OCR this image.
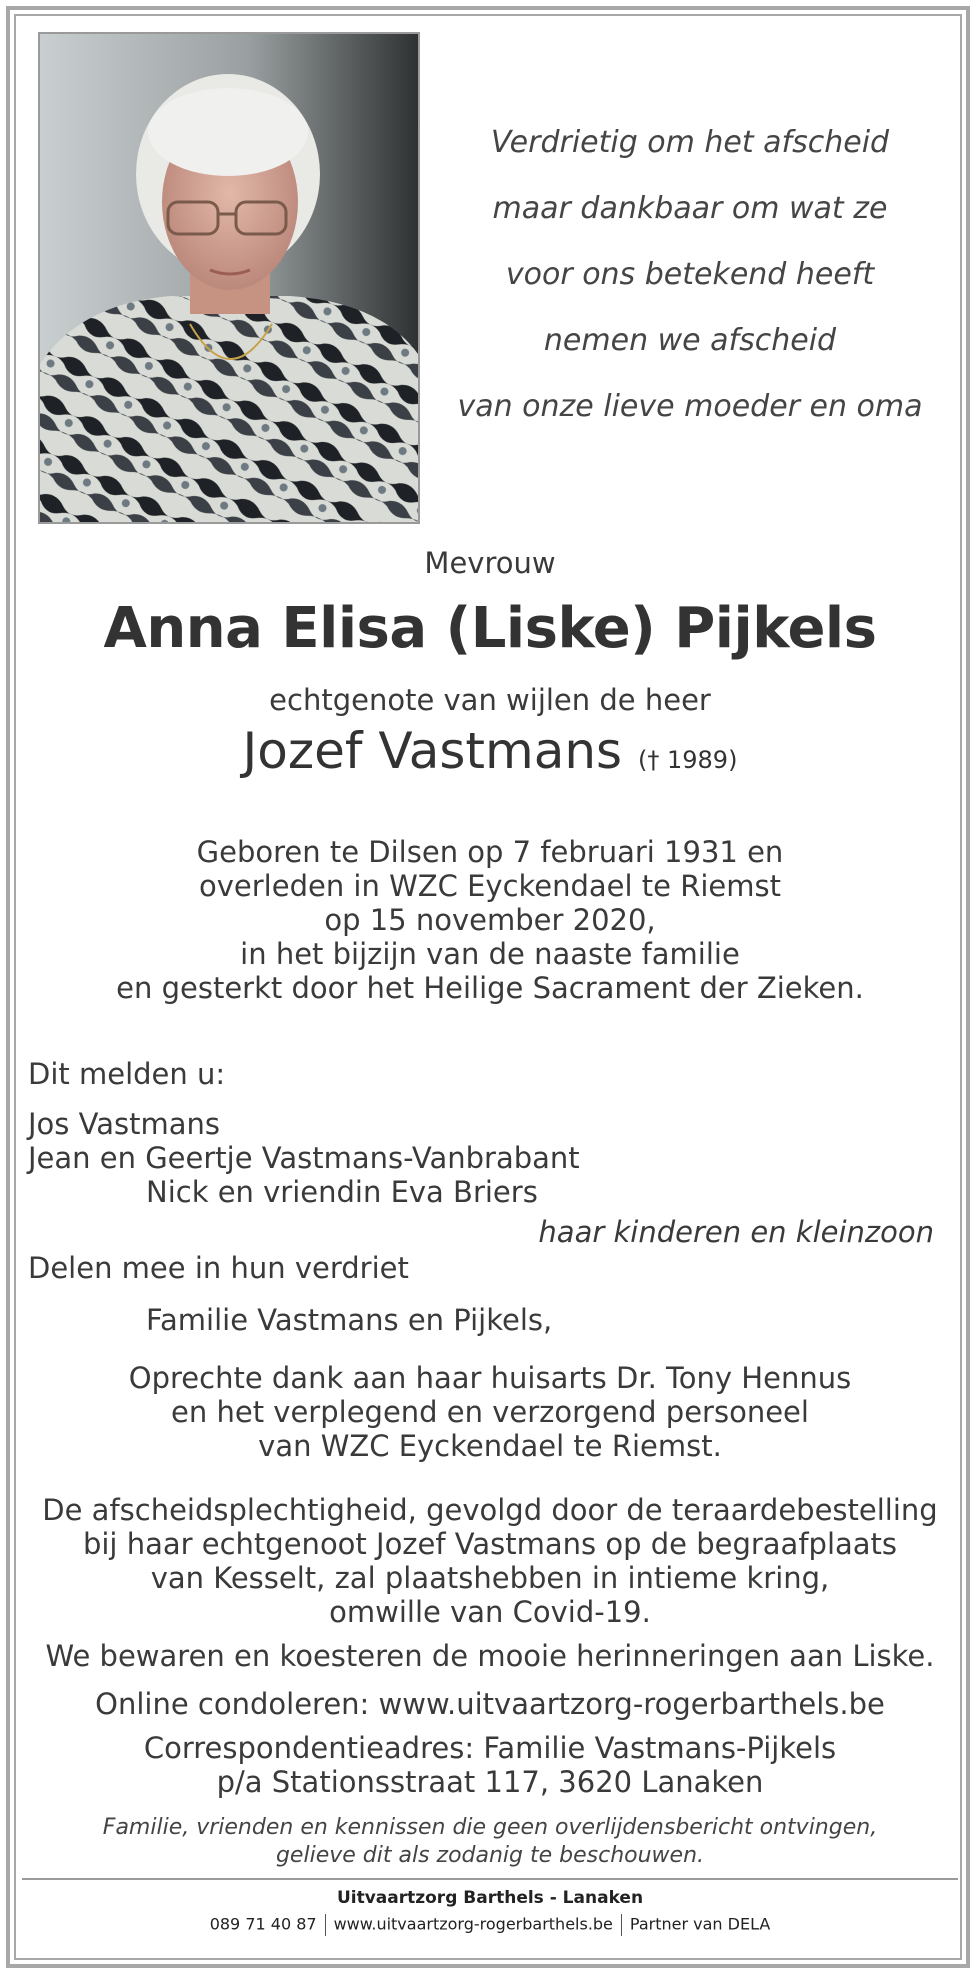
Verdrietig om het afscheid
maar dankbaar om wat ze
voor ons betekend heeft
nemen we afscheid
van onze lieve moeder en oma
Mevrouw
Anna Elisa (Liske) Pijkels
echtgenote van wijlen de heer
Jozef Vastmans († 1989)
Geboren te Dilsen op 7 februari 1931 en
overleden in WZC Eyckendael te Riemst
op 15 november 2020,
in het bijzijn van de naaste familie
en gesterkt door het Heilige Sacrament der Zieken.
Dit melden u:
Jos Vastmans
Jean en Geertje Vastmans-Vanbrabant
Nick en vriendin Eva Briers
haar kinderen en kleinzoon
Delen mee in hun verdriet
Familie Vastmans en Pijkels,
Oprechte dank aan haar huisarts Dr. Tony Hennus
en het verplegend en verzorgend personeel
van WZC Eyckendael te Riemst.
De afscheidsplechtigheid, gevolgd door de teraardebestelling
bij haar echtgenoot Jozef Vastmans op de begraafplaats
van Kesselt, zal plaatshebben in intieme kring,
omwille van Covid-19.
We bewaren en koesteren de mooie herinneringen aan Liske.
Online condoleren: www.uitvaartzorg-rogerbarthels.be
Correspondentieadres: Familie Vastmans-Pijkels
p/a Stationsstraat 117, 3620 Lanaken
Familie, vrienden en kennissen die geen overlijdensbericht ontvingen,
gelieve dit als zodanig te beschouwen.
Uitvaartzorg Barthels - Lanaken
089 71 40 87 www.uitvaartzorg-rogerbarthels.be Partner van DELA
